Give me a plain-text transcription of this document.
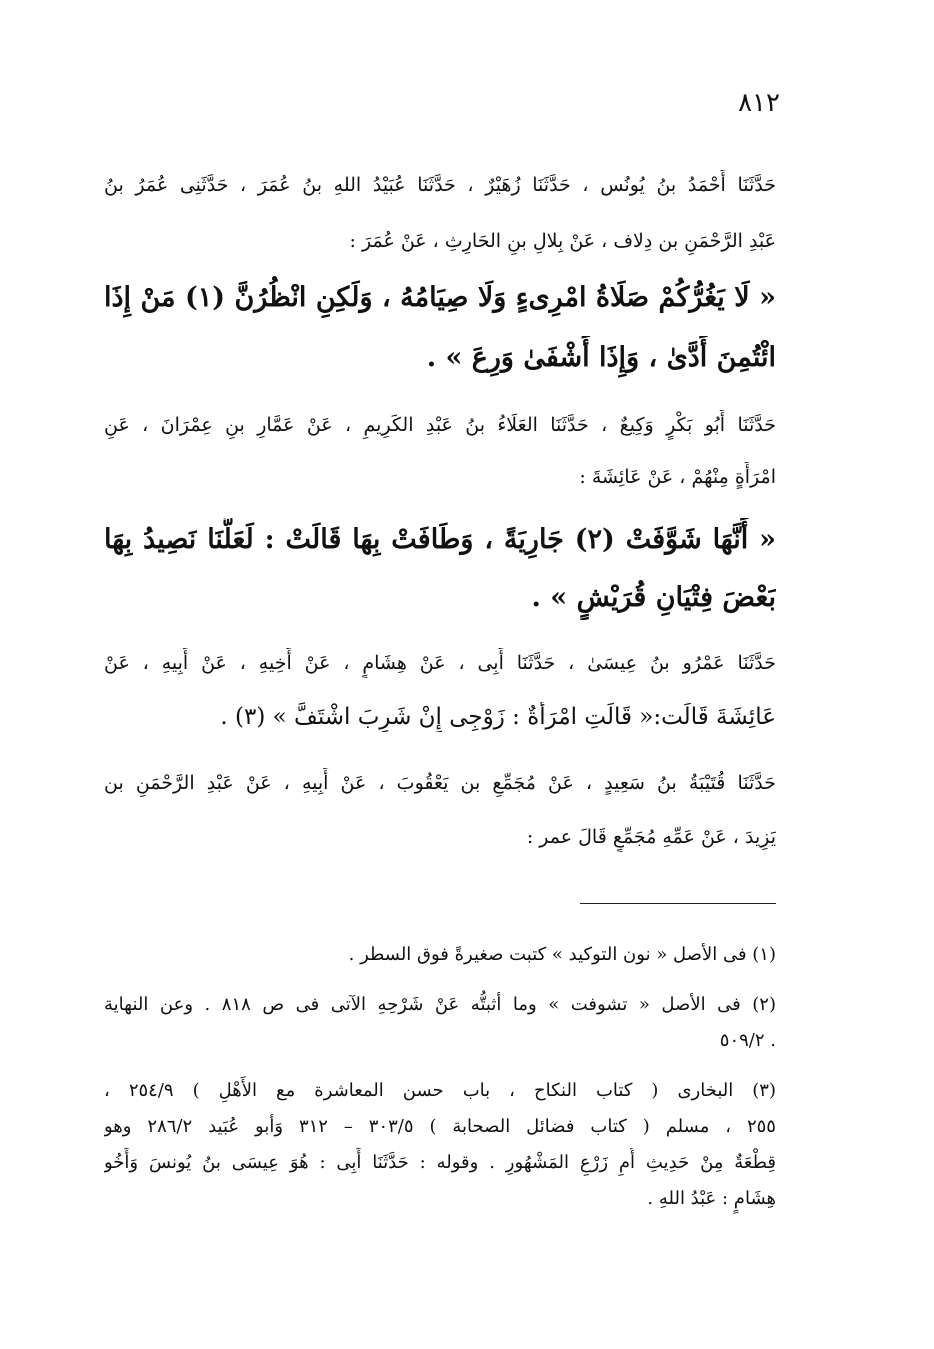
٨١٢
حَدَّثَنَا أَحْمَدُ بنُ يُونُس ، حَدَّثَنَا زُهَيْرٌ ، حَدَّثَنَا عُبَيْدُ اللهِ بنُ عُمَرَ ، حَدَّثَنِى عُمَرُ بنُ
عَبْدِ الرَّحْمَنِ بن دِلاف ، عَنْ بِلالِ بنِ الحَارِثِ ، عَنْ عُمَرَ :
« لَا يَغُرُّكُمْ صَلَاةُ امْرِىءٍ وَلَا صِيَامُهُ ، وَلَكِنِ انْظُرُنَّ (١) مَنْ إِذَا
ائْتُمِنَ أَدَّىٰ ، وَإِذَا أَشْفَىٰ وَرِعَ » .
حَدَّثَنَا أَبُو بَكْرٍ وَكِيعٌ ، حَدَّثَنَا العَلَاءُ بنُ عَبْدِ الكَرِيمِ ، عَنْ عَمَّارِ بنِ عِمْرَانَ ، عَنِ
امْرَأَةٍ مِنْهُمْ ، عَنْ عَائِشَةَ :
« أَنَّهَا شَوَّفَتْ (٢) جَارِيَةً ، وَطَافَتْ بِهَا قَالَتْ : لَعَلَّنَا نَصِيدُ بِهَا
بَعْضَ فِتْيَانِ قُرَيْشٍ » .
حَدَّثَنَا عَمْرُو بنُ عِيسَىٰ ، حَدَّثَنَا أَبِى ، عَنْ هِشَامٍ ، عَنْ أَخِيهِ ، عَنْ أَبِيهِ ، عَنْ
عَائِشَةَ قَالَت:« قَالَتِ امْرَأَةٌ : زَوْجِى إِنْ شَرِبَ اشْتَفَّ » (٣) .
حَدَّثَنَا قُتَيْبَةُ بنُ سَعِيدٍ ، عَنْ مُجَمِّعِ بن يَعْقُوبَ ، عَنْ أَبِيهِ ، عَنْ عَبْدِ الرَّحْمَنِ بن
يَزِيدَ ، عَنْ عَمِّهِ مُجَمِّعٍ قَالَ عمر :
(١) فى الأصل « نون التوكيد » كتبت صغيرةً فوق السطر .
(٢) فى الأصل « تشوفت » وما أثبتُّه عَنْ شَرْحِهِ الآتى فى ص ٨١٨ . وعن النهاية
٥٠٩/٢ .
(٣) البخارى ( كتاب النكاح ، باب حسن المعاشرة مع الأَهْلِ ) ٢٥٤/٩ ،
٢٥٥ ، مسلم ( كتاب فضائل الصحابة ) ٣٠٣/٥ – ٣١٢ وَأبو عُبَيد ٢٨٦/٢ وهو
قِطْعَةٌ مِنْ حَدِيثِ أُمِ زَرْعِ المَشْهُورِ . وقوله : حَدَّثَنَا أَبِى : هُوَ عِيسَى بنُ يُونسَ وَأَخُو
هِشَامٍ : عَبْدُ اللهِ .
